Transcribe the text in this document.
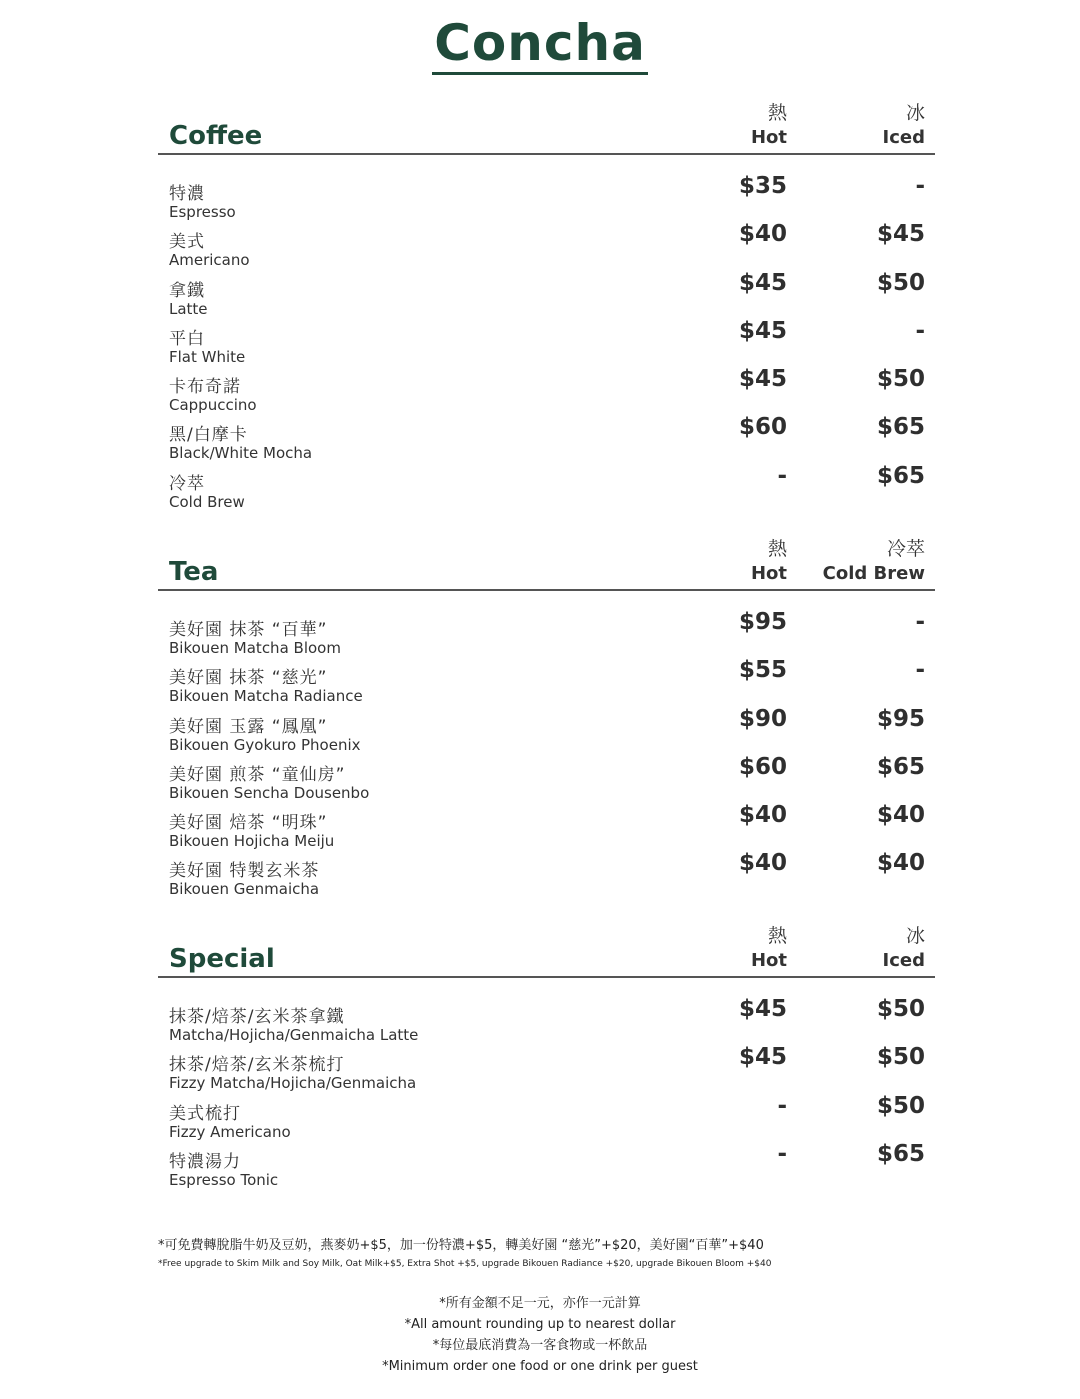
Concha
Coffee
熱
Hot
冰
Iced
特濃
Espresso
$35	-
美式
Americano
$40	$45
拿鐵
Latte
$45	$50
平白
Flat White
$45	-
卡布奇諾
Cappuccino
$45	$50
黑/白摩卡
Black/White Mocha
$60	$65
冷萃
Cold Brew
-	$65
Tea
熱
Hot
冷萃
Cold Brew
美好園 抹茶 “百華”
Bikouen Matcha Bloom
$95	-
美好園 抹茶 “慈光”
Bikouen Matcha Radiance
$55	-
美好園 玉露 “鳳凰”
Bikouen Gyokuro Phoenix
$90	$95
美好園 煎茶 “童仙房”
Bikouen Sencha Dousenbo
$60	$65
美好園 焙茶 “明珠”
Bikouen Hojicha Meiju
$40	$40
美好園 特製玄米茶
Bikouen Genmaicha
$40	$40
Special
熱
Hot
冰
Iced
抹茶/焙茶/玄米茶拿鐵
Matcha/Hojicha/Genmaicha Latte
$45	$50
抹茶/焙茶/玄米茶梳打
Fizzy Matcha/Hojicha/Genmaicha
$45	$50
美式梳打
Fizzy Americano
-	$50
特濃湯力
Espresso Tonic
-	$65
*可免費轉脫脂牛奶及豆奶，燕麥奶+$5，加一份特濃+$5，轉美好園 “慈光”+$20，美好園“百華”+$40
*Free upgrade to Skim Milk and Soy Milk, Oat Milk+$5, Extra Shot +$5, upgrade Bikouen Radiance +$20, upgrade Bikouen Bloom +$40
*所有金額不足一元，亦作一元計算
*All amount rounding up to nearest dollar
*每位最底消費為一客食物或一杯飲品
*Minimum order one food or one drink per guest
